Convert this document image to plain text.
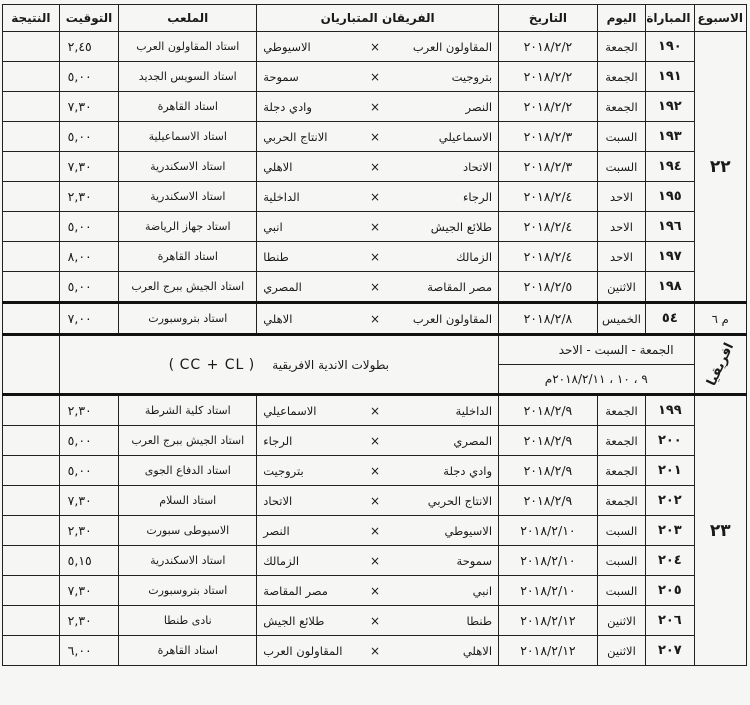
الاسبوع	المباراة	اليوم	التاريخ	الفريقان المتباريان			الملعب	التوقيت	النتيجة
٢٢	١٩٠	الجمعة	٢٠١٨/٢/٢	المقاولون العرب	×	الاسيوطي	استاد المقاولون العرب	٢,٤٥	
	١٩١	الجمعة	٢٠١٨/٢/٢	بتروجيت	×	سموحة	استاد السويس الجديد	٥,٠٠	
	١٩٢	الجمعة	٢٠١٨/٢/٢	النصر	×	وادي دجلة	استاد القاهرة	٧,٣٠	
	١٩٣	السبت	٢٠١٨/٢/٣	الاسماعيلي	×	الانتاج الحربي	استاد الاسماعيلية	٥,٠٠	
	١٩٤	السبت	٢٠١٨/٢/٣	الاتحاد	×	الاهلي	استاد الاسكندرية	٧,٣٠	
	١٩٥	الاحد	٢٠١٨/٢/٤	الرجاء	×	الداخلية	استاد الاسكندرية	٢,٣٠	
	١٩٦	الاحد	٢٠١٨/٢/٤	طلائع الجيش	×	انبي	استاد جهاز الرياضة	٥,٠٠	
	١٩٧	الاحد	٢٠١٨/٢/٤	الزمالك	×	طنطا	استاد القاهرة	٨,٠٠	
	١٩٨	الاثنين	٢٠١٨/٢/٥	مصر المقاصة	×	المصري	استاد الجيش ببرج العرب	٥,٠٠	
م ٦	٥٤	الخميس	٢٠١٨/٢/٨	المقاولون العرب	×	الاهلي	استاد بتروسبورت	٧,٠٠	
افريقيا	الجمعة - السبت - الاحد			بطولات الاندية الافريقية( CC + CL )					
	٩ ، ١٠ ، ٢٠١٨/٢/١١م								
٢٣	١٩٩	الجمعة	٢٠١٨/٢/٩	الداخلية	×	الاسماعيلي	استاد كلية الشرطة	٢,٣٠	
	٢٠٠	الجمعة	٢٠١٨/٢/٩	المصري	×	الرجاء	استاد الجيش ببرج العرب	٥,٠٠	
	٢٠١	الجمعة	٢٠١٨/٢/٩	وادي دجلة	×	بتروجيت	استاد الدفاع الجوى	٥,٠٠	
	٢٠٢	الجمعة	٢٠١٨/٢/٩	الانتاج الحربي	×	الاتحاد	استاد السلام	٧,٣٠	
	٢٠٣	السبت	٢٠١٨/٢/١٠	الاسيوطي	×	النصر	الاسيوطى سبورت	٢,٣٠	
	٢٠٤	السبت	٢٠١٨/٢/١٠	سموحة	×	الزمالك	استاد الاسكندرية	٥,١٥	
	٢٠٥	السبت	٢٠١٨/٢/١٠	انبي	×	مصر المقاصة	استاد بتروسبورت	٧,٣٠	
	٢٠٦	الاثنين	٢٠١٨/٢/١٢	طنطا	×	طلائع الجيش	نادى طنطا	٢,٣٠	
	٢٠٧	الاثنين	٢٠١٨/٢/١٢	الاهلي	×	المقاولون العرب	استاد القاهرة	٦,٠٠	
